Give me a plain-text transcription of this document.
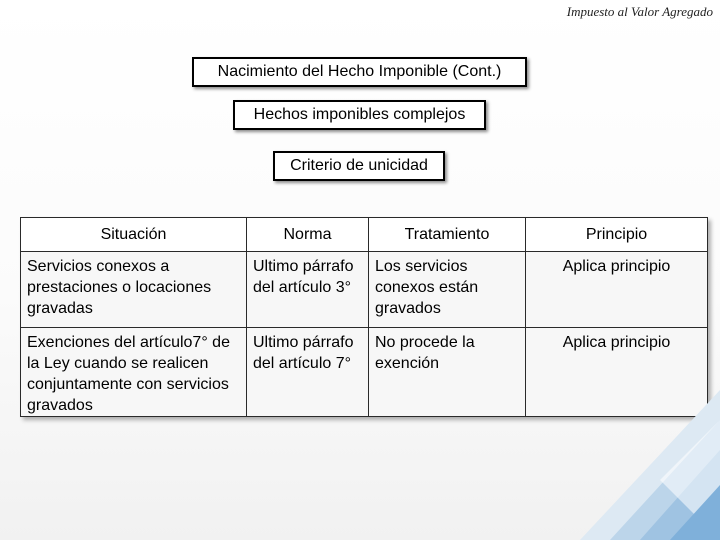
Impuesto al Valor Agregado
Nacimiento del Hecho Imponible (Cont.)
Hechos imponibles complejos
Criterio de unicidad
Situación	Norma	Tratamiento	Principio
Servicios conexos a prestaciones o locaciones gravadas	Ultimo párrafo del artículo 3°	Los servicios conexos están gravados	Aplica principio
Exenciones del artículo7° de la Ley cuando se realicen conjuntamente con servicios gravados	Ultimo párrafo del artículo 7°	No procede la exención	Aplica principio
